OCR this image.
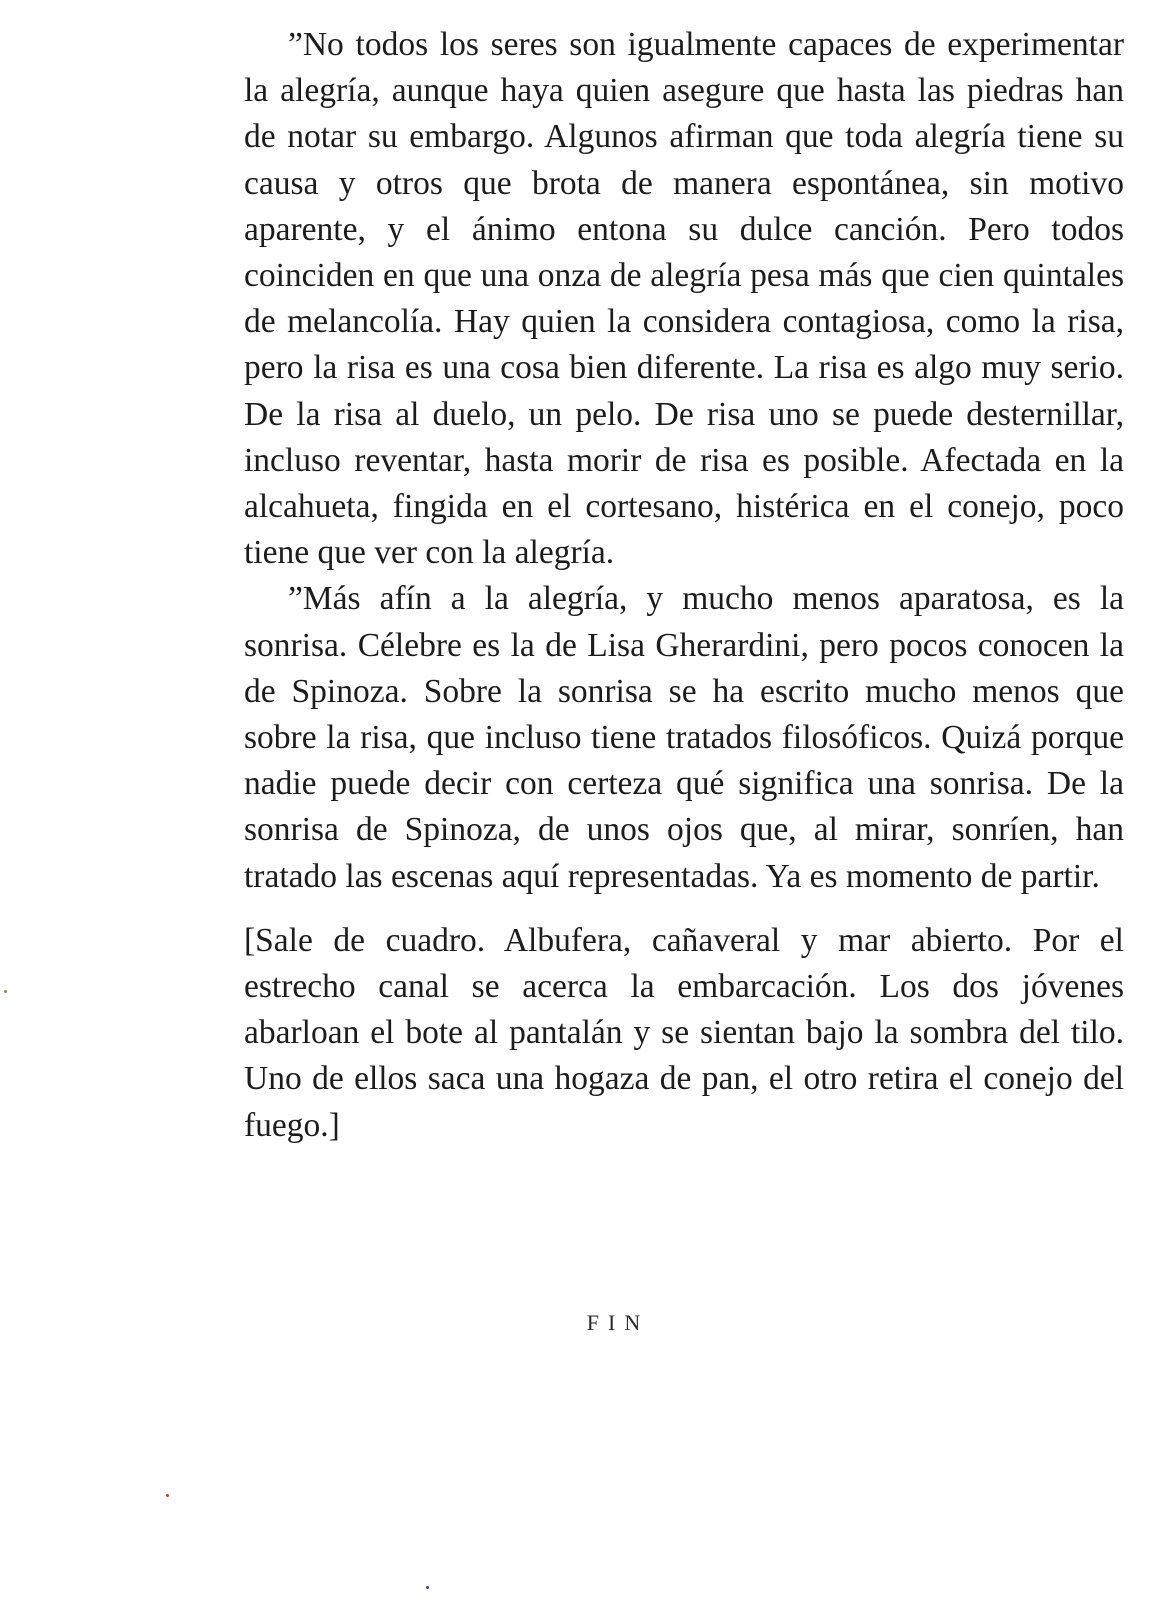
”No todos los seres son igualmente capaces de experimentar la alegría, aunque haya quien asegure que hasta las piedras han de notar su embargo. Algunos afirman que toda alegría tiene su causa y otros que brota de manera espontánea, sin motivo aparente, y el ánimo entona su dulce canción. Pero todos coinciden en que una onza de alegría pesa más que cien quintales de melancolía. Hay quien la considera contagiosa, como la risa, pero la risa es una cosa bien diferente. La risa es algo muy serio. De la risa al duelo, un pelo. De risa uno se puede desternillar, incluso reventar, hasta morir de risa es posible. Afectada en la alcahueta, fingida en el cortesano, histérica en el conejo, poco tiene que ver con la alegría.

”Más afín a la alegría, y mucho menos aparatosa, es la sonrisa. Célebre es la de Lisa Gherardini, pero pocos conocen la de Spinoza. Sobre la sonrisa se ha escrito mucho menos que sobre la risa, que incluso tiene tratados filosóficos. Quizá porque nadie puede decir con certeza qué significa una sonrisa. De la sonrisa de Spinoza, de unos ojos que, al mirar, sonríen, han tratado las escenas aquí representadas. Ya es momento de partir.

[Sale de cuadro. Albufera, cañaveral y mar abierto. Por el estrecho canal se acerca la embarcación. Los dos jóvenes abarloan el bote al pantalán y se sientan bajo la sombra del tilo. Uno de ellos saca una hogaza de pan, el otro retira el conejo del fuego.]

FIN
